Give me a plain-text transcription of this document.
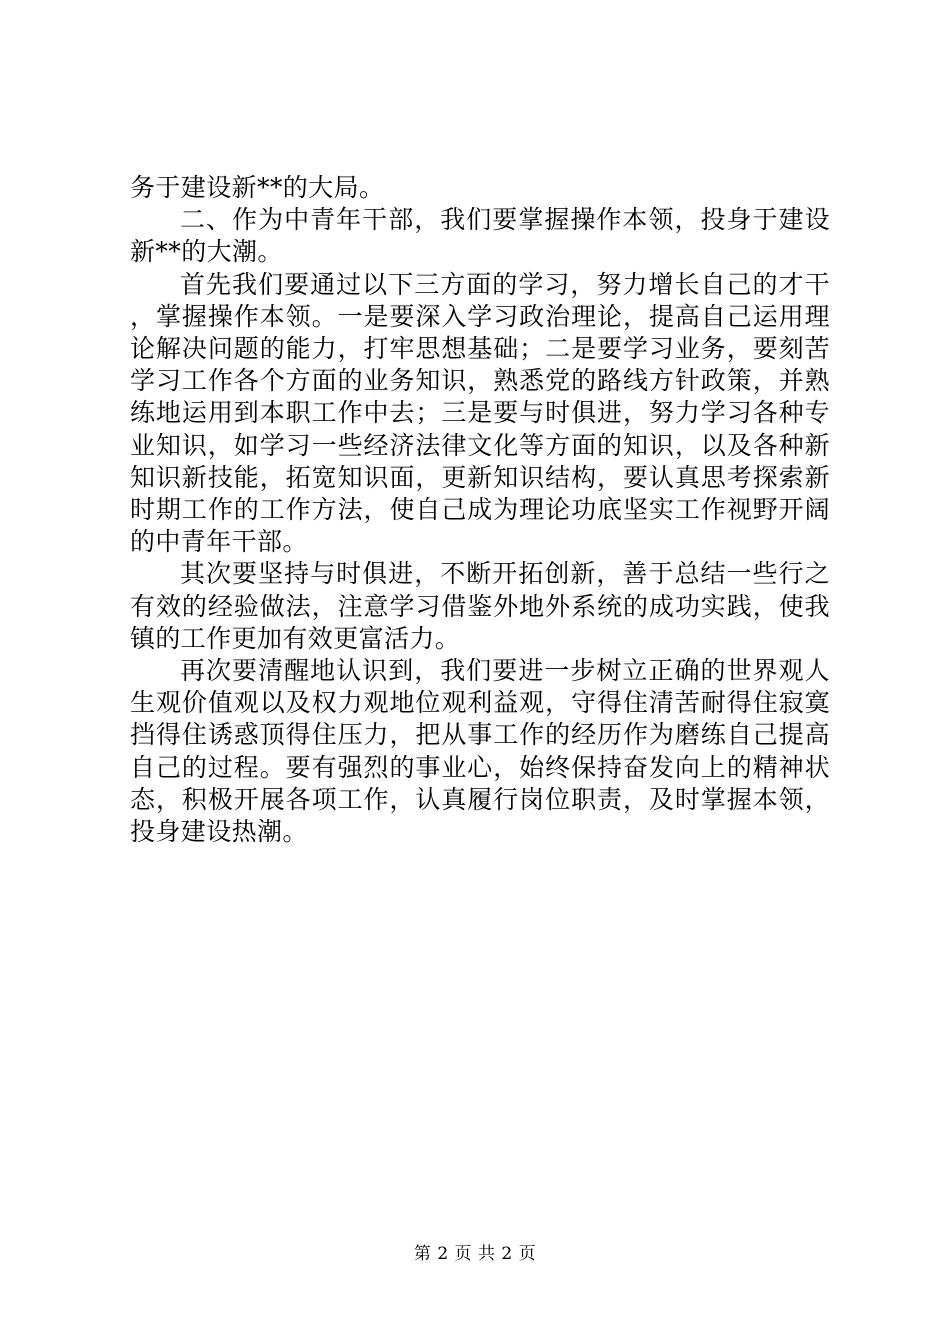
务于建设新**的大局。

二、作为中青年干部，我们要掌握操作本领，投身于建设新**的大潮。

首先我们要通过以下三方面的学习，努力增长自己的才干，掌握操作本领。一是要深入学习政治理论，提高自己运用理论解决问题的能力，打牢思想基础；二是要学习业务，要刻苦学习工作各个方面的业务知识，熟悉党的路线方针政策，并熟练地运用到本职工作中去；三是要与时俱进，努力学习各种专业知识，如学习一些经济法律文化等方面的知识，以及各种新知识新技能，拓宽知识面，更新知识结构，要认真思考探索新时期工作的工作方法，使自己成为理论功底坚实工作视野开阔的中青年干部。

其次要坚持与时俱进，不断开拓创新，善于总结一些行之有效的经验做法，注意学习借鉴外地外系统的成功实践，使我镇的工作更加有效更富活力。

再次要清醒地认识到，我们要进一步树立正确的世界观人生观价值观以及权力观地位观利益观，守得住清苦耐得住寂寞挡得住诱惑顶得住压力，把从事工作的经历作为磨练自己提高自己的过程。要有强烈的事业心，始终保持奋发向上的精神状态，积极开展各项工作，认真履行岗位职责，及时掌握本领，投身建设热潮。

第 2 页 共 2 页
